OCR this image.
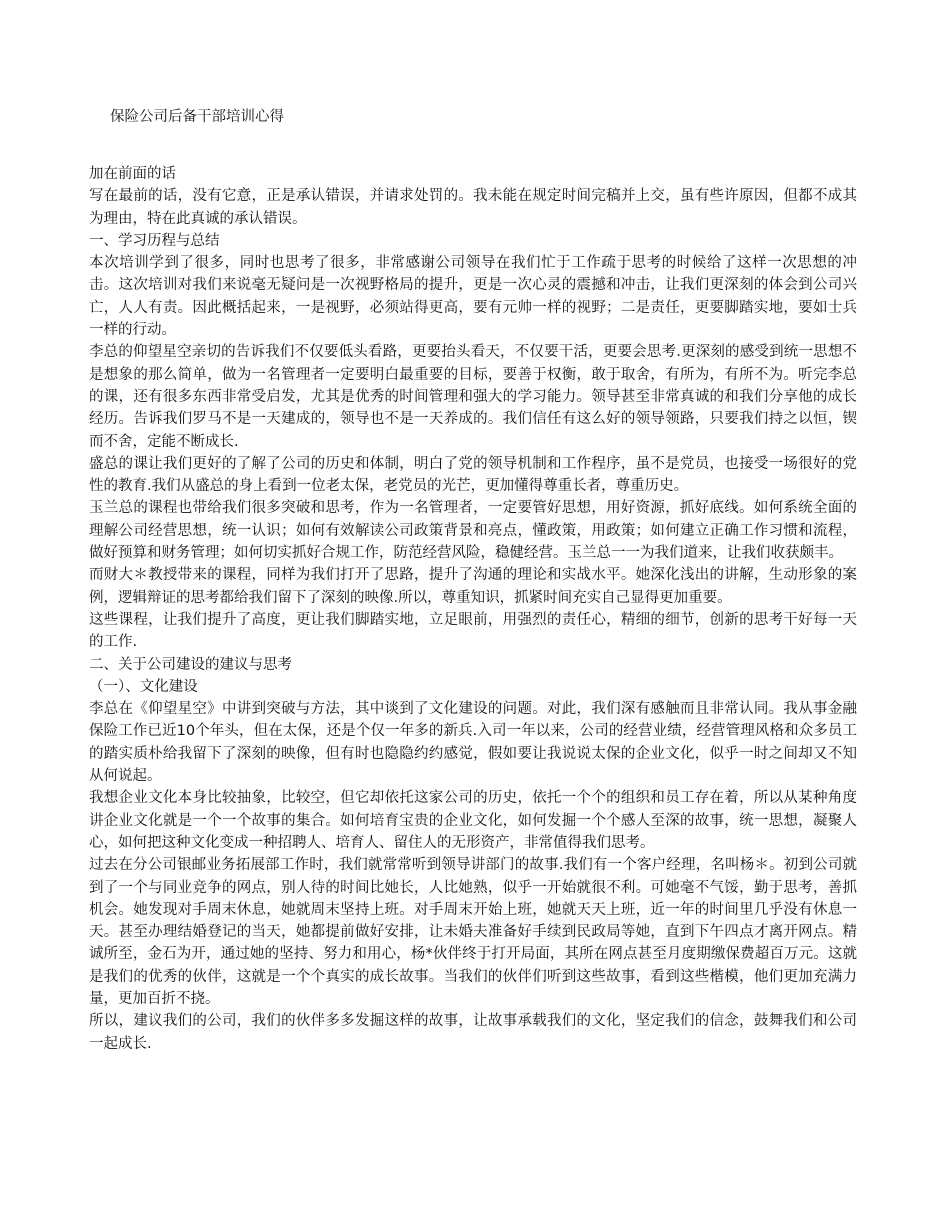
保险公司后备干部培训心得

加在前面的话

写在最前的话，没有它意，正是承认错误，并请求处罚的。我未能在规定时间完稿并上交，虽有些许原因，但都不成其为理由，特在此真诚的承认错误。

一、学习历程与总结

本次培训学到了很多，同时也思考了很多，非常感谢公司领导在我们忙于工作疏于思考的时候给了这样一次思想的冲击。这次培训对我们来说毫无疑问是一次视野格局的提升，更是一次心灵的震撼和冲击，让我们更深刻的体会到公司兴亡，人人有责。因此概括起来，一是视野，必须站得更高，要有元帅一样的视野；二是责任，更要脚踏实地，要如士兵一样的行动。

李总的仰望星空亲切的告诉我们不仅要低头看路，更要抬头看天，不仅要干活，更要会思考.更深刻的感受到统一思想不是想象的那么简单，做为一名管理者一定要明白最重要的目标，要善于权衡，敢于取舍，有所为，有所不为。听完李总的课，还有很多东西非常受启发，尤其是优秀的时间管理和强大的学习能力。领导甚至非常真诚的和我们分享他的成长经历。告诉我们罗马不是一天建成的，领导也不是一天养成的。我们信任有这么好的领导领路，只要我们持之以恒，锲而不舍，定能不断成长.

盛总的课让我们更好的了解了公司的历史和体制，明白了党的领导机制和工作程序，虽不是党员，也接受一场很好的党性的教育.我们从盛总的身上看到一位老太保，老党员的光芒，更加懂得尊重长者，尊重历史。

玉兰总的课程也带给我们很多突破和思考，作为一名管理者，一定要管好思想，用好资源，抓好底线。如何系统全面的理解公司经营思想，统一认识；如何有效解读公司政策背景和亮点，懂政策，用政策；如何建立正确工作习惯和流程，做好预算和财务管理；如何切实抓好合规工作，防范经营风险，稳健经营。玉兰总一一为我们道来，让我们收获颇丰。

而财大＊教授带来的课程，同样为我们打开了思路，提升了沟通的理论和实战水平。她深化浅出的讲解，生动形象的案例，逻辑辩证的思考都给我们留下了深刻的映像.所以，尊重知识，抓紧时间充实自己显得更加重要。

这些课程，让我们提升了高度，更让我们脚踏实地，立足眼前，用强烈的责任心，精细的细节，创新的思考干好每一天的工作.

二、关于公司建设的建议与思考

（一）、文化建设

李总在《仰望星空》中讲到突破与方法，其中谈到了文化建设的问题。对此，我们深有感触而且非常认同。我从事金融保险工作已近10个年头，但在太保，还是个仅一年多的新兵.入司一年以来，公司的经营业绩，经营管理风格和众多员工的踏实质朴给我留下了深刻的映像，但有时也隐隐约约感觉，假如要让我说说太保的企业文化，似乎一时之间却又不知从何说起。

我想企业文化本身比较抽象，比较空，但它却依托这家公司的历史，依托一个个的组织和员工存在着，所以从某种角度讲企业文化就是一个一个故事的集合。如何培育宝贵的企业文化，如何发掘一个个感人至深的故事，统一思想，凝聚人心，如何把这种文化变成一种招聘人、培育人、留住人的无形资产，非常值得我们思考。

过去在分公司银邮业务拓展部工作时，我们就常常听到领导讲部门的故事.我们有一个客户经理，名叫杨＊。初到公司就到了一个与同业竞争的网点，别人待的时间比她长，人比她熟，似乎一开始就很不利。可她毫不气馁，勤于思考，善抓机会。她发现对手周末休息，她就周末坚持上班。对手周末开始上班，她就天天上班，近一年的时间里几乎没有休息一天。甚至办理结婚登记的当天，她都提前做好安排，让未婚夫准备好手续到民政局等她，直到下午四点才离开网点。精诚所至，金石为开，通过她的坚持、努力和用心，杨*伙伴终于打开局面，其所在网点甚至月度期缴保费超百万元。这就是我们的优秀的伙伴，这就是一个个真实的成长故事。当我们的伙伴们听到这些故事，看到这些楷模，他们更加充满力量，更加百折不挠。

所以，建议我们的公司，我们的伙伴多多发掘这样的故事，让故事承载我们的文化，坚定我们的信念，鼓舞我们和公司一起成长.
